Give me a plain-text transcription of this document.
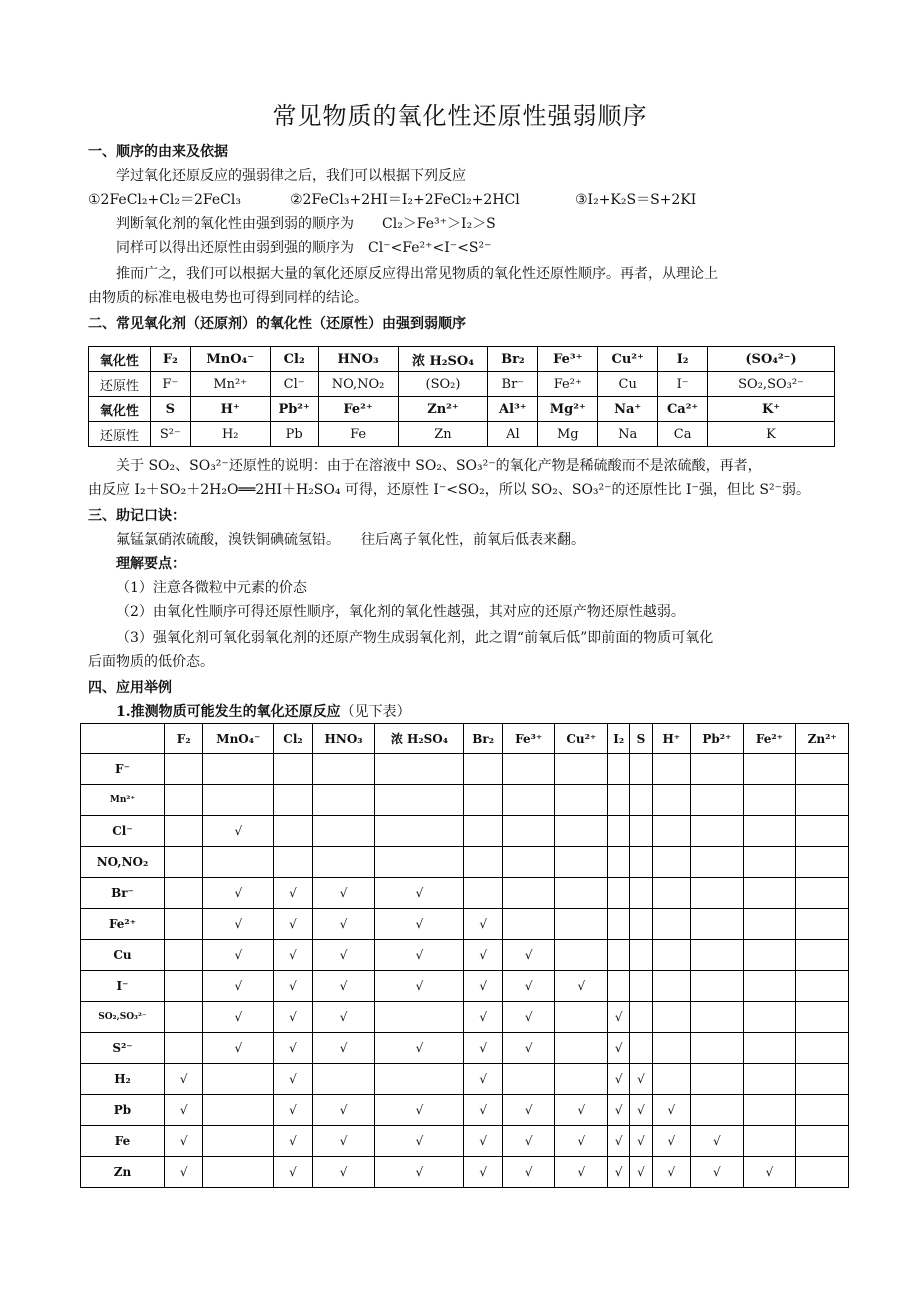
常见物质的氧化性还原性强弱顺序
一、顺序的由来及依据
学过氧化还原反应的强弱律之后，我们可以根据下列反应
①2FeCl₂+Cl₂＝2FeCl₃	②2FeCl₃+2HI＝I₂+2FeCl₂+2HCl	③I₂+K₂S＝S+2KI
判断氧化剂的氧化性由强到弱的顺序为　　Cl₂＞Fe³⁺＞I₂＞S
同样可以得出还原性由弱到强的顺序为　Cl⁻<Fe²⁺<I⁻<S²⁻
推而广之，我们可以根据大量的氧化还原反应得出常见物质的氧化性还原性顺序。再者，从理论上
由物质的标准电极电势也可得到同样的结论。
二、常见氧化剂（还原剂）的氧化性（还原性）由强到弱顺序
氧化性	F₂	MnO₄⁻	Cl₂	HNO₃	浓 H₂SO₄	Br₂	Fe³⁺	Cu²⁺	I₂	(SO₄²⁻)
还原性	F⁻	Mn²⁺	Cl⁻	NO,NO₂	(SO₂)	Br⁻	Fe²⁺	Cu	I⁻	SO₂,SO₃²⁻
氧化性	S	H⁺	Pb²⁺	Fe²⁺	Zn²⁺	Al³⁺	Mg²⁺	Na⁺	Ca²⁺	K⁺
还原性	S²⁻	H₂	Pb	Fe	Zn	Al	Mg	Na	Ca	K
关于 SO₂、SO₃²⁻还原性的说明：由于在溶液中 SO₂、SO₃²⁻的氧化产物是稀硫酸而不是浓硫酸，再者，
由反应 I₂＋SO₂＋2H₂O══2HI＋H₂SO₄ 可得，还原性 I⁻<SO₂，所以 SO₂、SO₃²⁻的还原性比 I⁻强，但比 S²⁻弱。
三、助记口诀：
氟锰氯硝浓硫酸，溴铁铜碘硫氢铅。　　往后离子氧化性，前氧后低表来翻。
理解要点：
（1）注意各微粒中元素的价态
（2）由氧化性顺序可得还原性顺序，氧化剂的氧化性越强，其对应的还原产物还原性越弱。
（3）强氧化剂可氧化弱氧化剂的还原产物生成弱氧化剂，此之谓“前氧后低”即前面的物质可氧化
后面物质的低价态。
四、应用举例
1.推测物质可能发生的氧化还原反应（见下表）
	F₂	MnO₄⁻	Cl₂	HNO₃	浓 H₂SO₄	Br₂	Fe³⁺	Cu²⁺	I₂	S	H⁺	Pb²⁺	Fe²⁺	Zn²⁺
F⁻														
Mn²⁺														
Cl⁻		√												
NO,NO₂														
Br⁻		√	√	√	√									
Fe²⁺		√	√	√	√	√								
Cu		√	√	√	√	√	√							
I⁻		√	√	√	√	√	√	√						
SO₂,SO₃²⁻		√	√	√		√	√		√					
S²⁻		√	√	√	√	√	√		√					
H₂	√		√			√			√	√				
Pb	√		√	√	√	√	√	√	√	√	√			
Fe	√		√	√	√	√	√	√	√	√	√	√		
Zn	√		√	√	√	√	√	√	√	√	√	√	√	
